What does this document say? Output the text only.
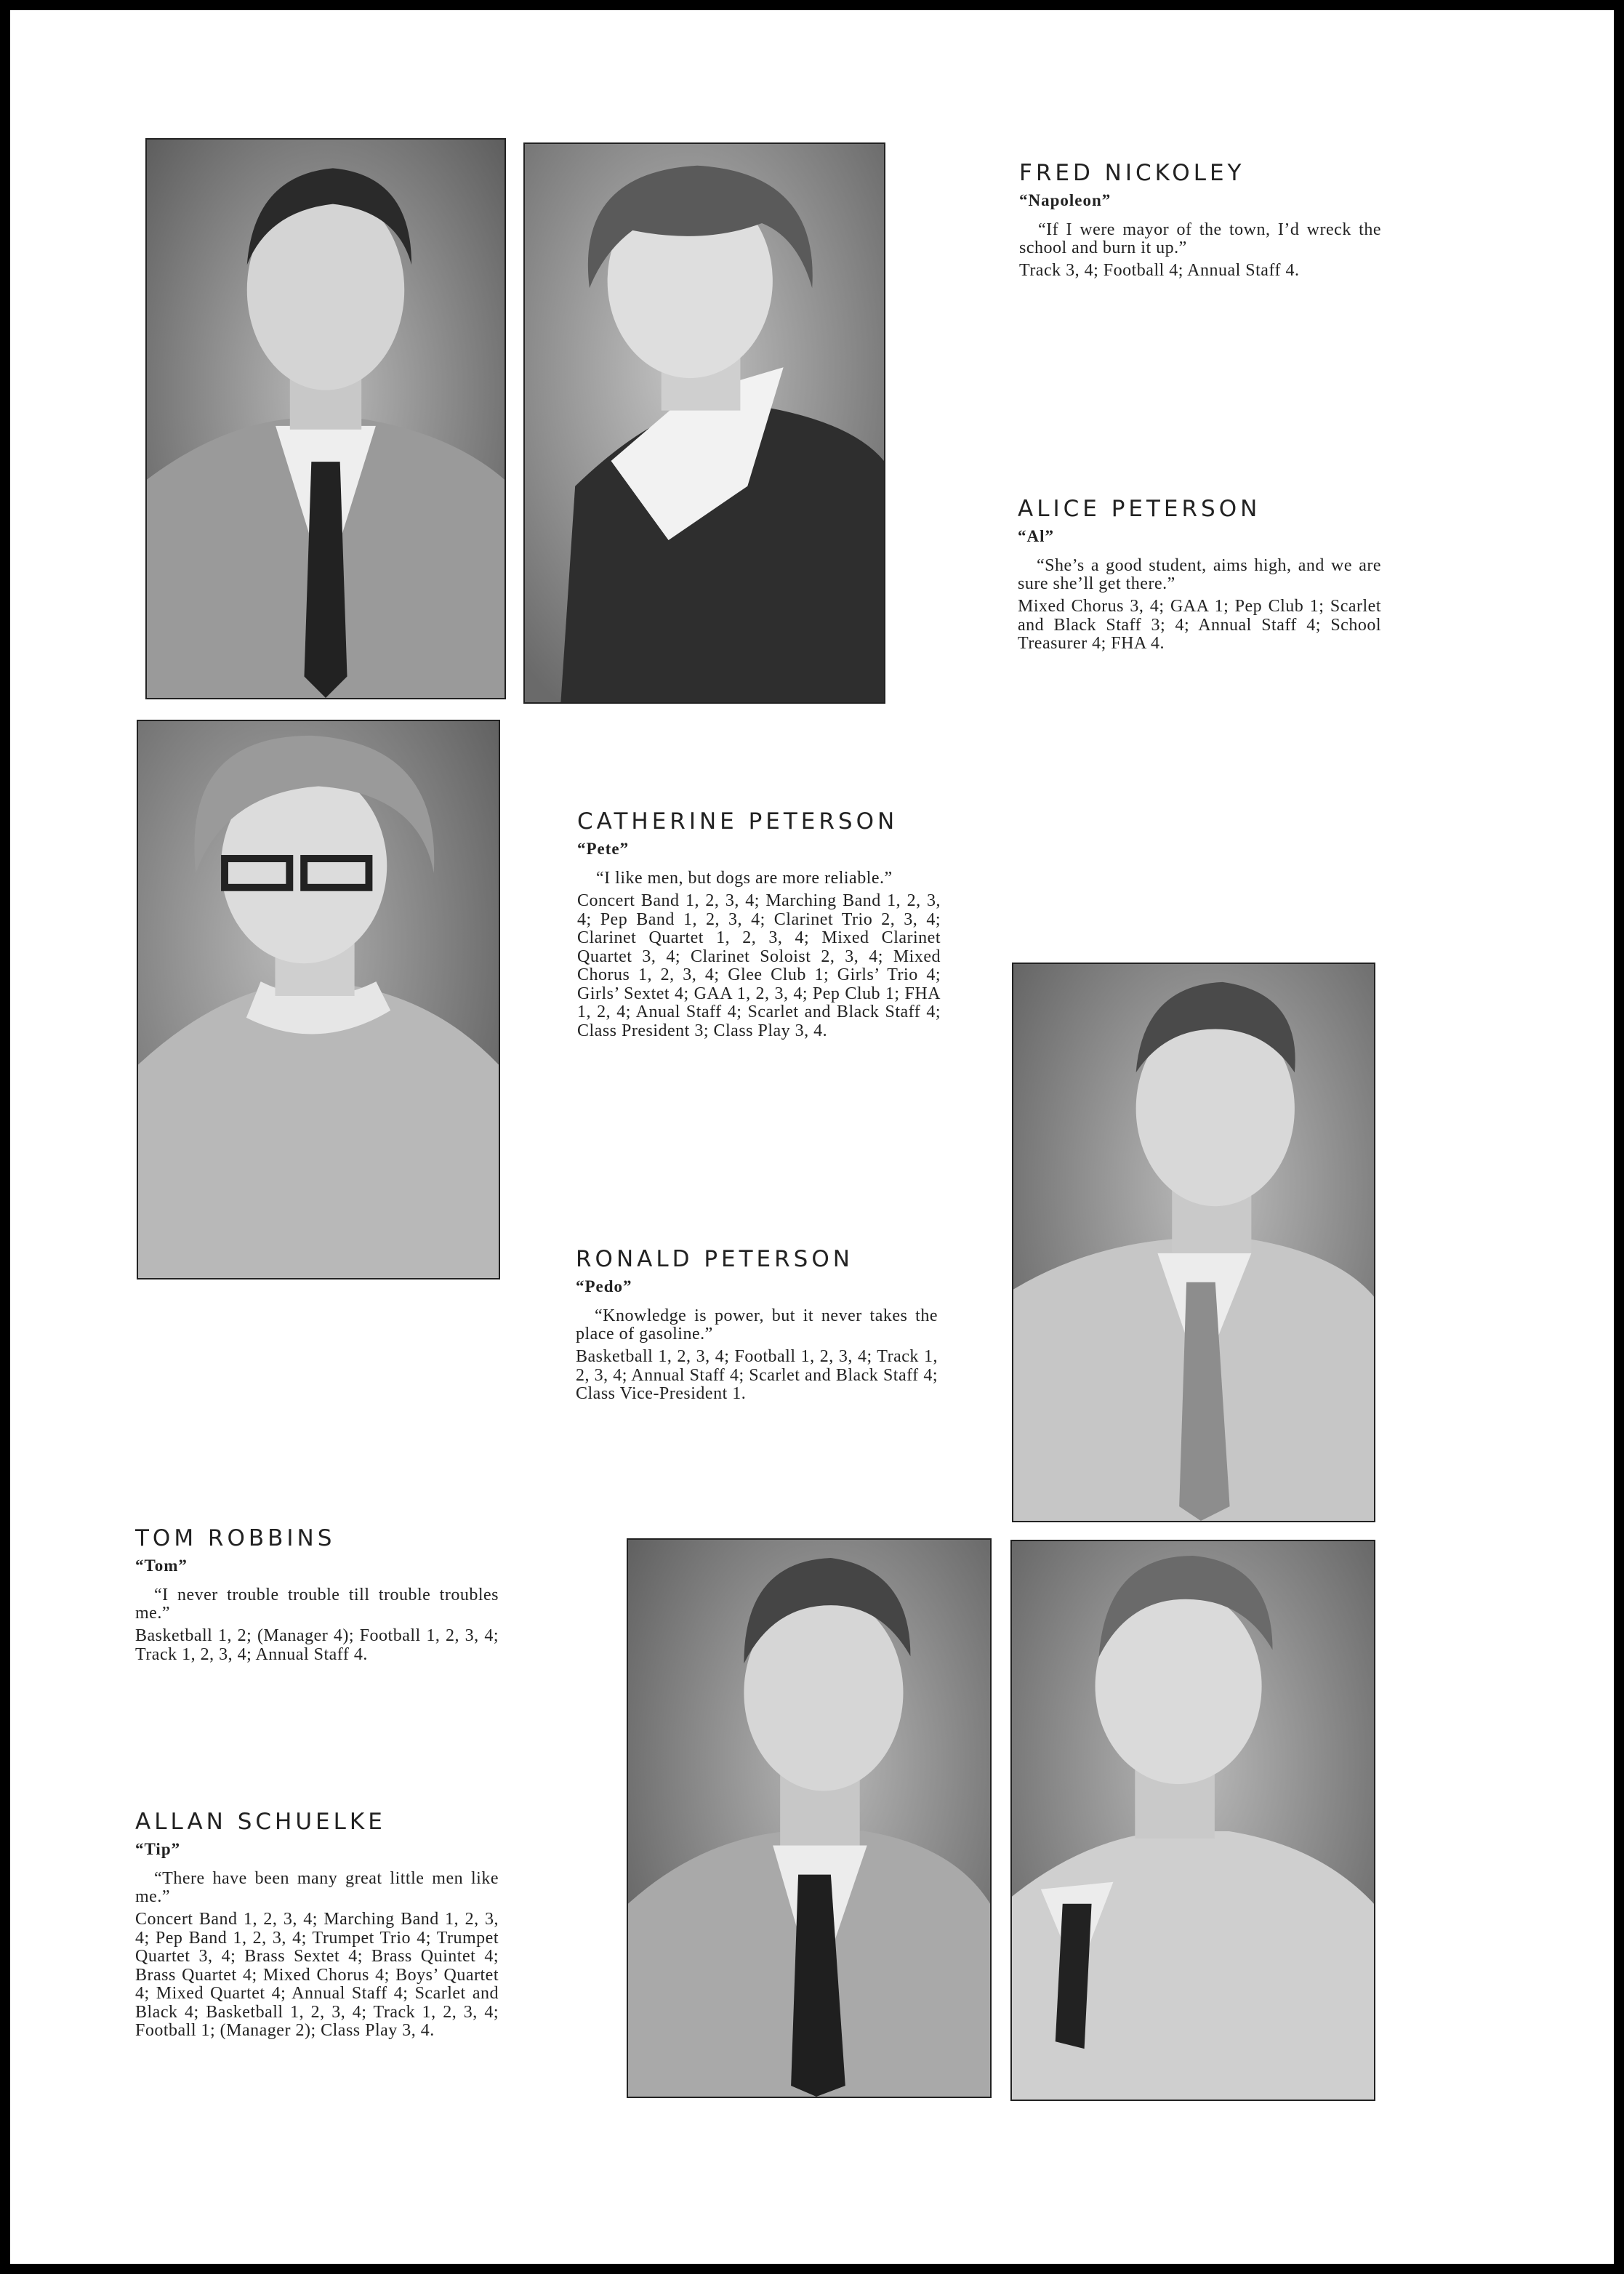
FRED NICKOLEY
“Napoleon”

“If I were mayor of the town, I’d wreck the school and burn it up.”

Track 3, 4; Football 4; Annual Staff 4.

ALICE PETERSON
“Al”

“She’s a good student, aims high, and we are sure she’ll get there.”

Mixed Chorus 3, 4; GAA 1; Pep Club 1; Scarlet and Black Staff 3; 4; Annual Staff 4; School Treasurer 4; FHA 4.

CATHERINE PETERSON
“Pete”

“I like men, but dogs are more reliable.”

Concert Band 1, 2, 3, 4; Marching Band 1, 2, 3, 4; Pep Band 1, 2, 3, 4; Clarinet Trio 2, 3, 4; Clarinet Quartet 1, 2, 3, 4; Mixed Clarinet Quartet 3, 4; Clarinet Soloist 2, 3, 4; Mixed Chorus 1, 2, 3, 4; Glee Club 1; Girls’ Trio 4; Girls’ Sextet 4; GAA 1, 2, 3, 4; Pep Club 1; FHA 1, 2, 4; Anual Staff 4; Scarlet and Black Staff 4; Class President 3; Class Play 3, 4.

RONALD PETERSON
“Pedo”

“Knowledge is power, but it never takes the place of gasoline.”

Basketball 1, 2, 3, 4; Football 1, 2, 3, 4; Track 1, 2, 3, 4; Annual Staff 4; Scarlet and Black Staff 4; Class Vice-President 1.

TOM ROBBINS
“Tom”

“I never trouble trouble till trouble troubles me.”

Basketball 1, 2; (Manager 4); Football 1, 2, 3, 4; Track 1, 2, 3, 4; Annual Staff 4.

ALLAN SCHUELKE
“Tip”

“There have been many great little men like me.”

Concert Band 1, 2, 3, 4; Marching Band 1, 2, 3, 4; Pep Band 1, 2, 3, 4; Trumpet Trio 4; Trumpet Quartet 3, 4; Brass Sextet 4; Brass Quintet 4; Brass Quartet 4; Mixed Chorus 4; Boys’ Quartet 4; Mixed Quartet 4; Annual Staff 4; Scarlet and Black 4; Basketball 1, 2, 3, 4; Track 1, 2, 3, 4; Football 1; (Manager 2); Class Play 3, 4.
